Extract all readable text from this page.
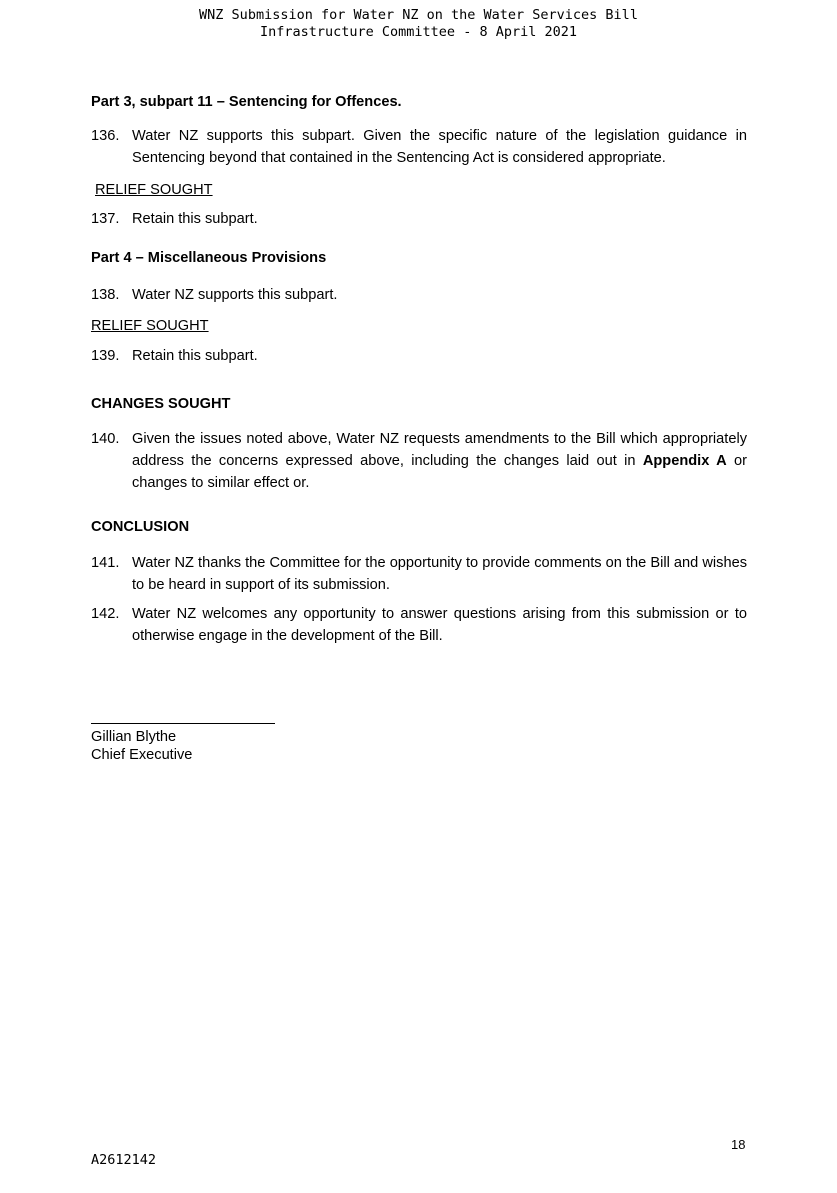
WNZ Submission for Water NZ on the Water Services Bill
Infrastructure Committee - 8 April 2021
Part 3, subpart 11 – Sentencing for Offences.
136. Water NZ supports this subpart. Given the specific nature of the legislation guidance in Sentencing beyond that contained in the Sentencing Act is considered appropriate.
RELIEF SOUGHT
137. Retain this subpart.
Part 4 – Miscellaneous Provisions
138. Water NZ supports this subpart.
RELIEF SOUGHT
139. Retain this subpart.
CHANGES SOUGHT
140. Given the issues noted above, Water NZ requests amendments to the Bill which appropriately address the concerns expressed above, including the changes laid out in Appendix A or changes to similar effect or.
CONCLUSION
141. Water NZ thanks the Committee for the opportunity to provide comments on the Bill and wishes to be heard in support of its submission.
142. Water NZ welcomes any opportunity to answer questions arising from this submission or to otherwise engage in the development of the Bill.
Gillian Blythe
Chief Executive
18
A2612142
